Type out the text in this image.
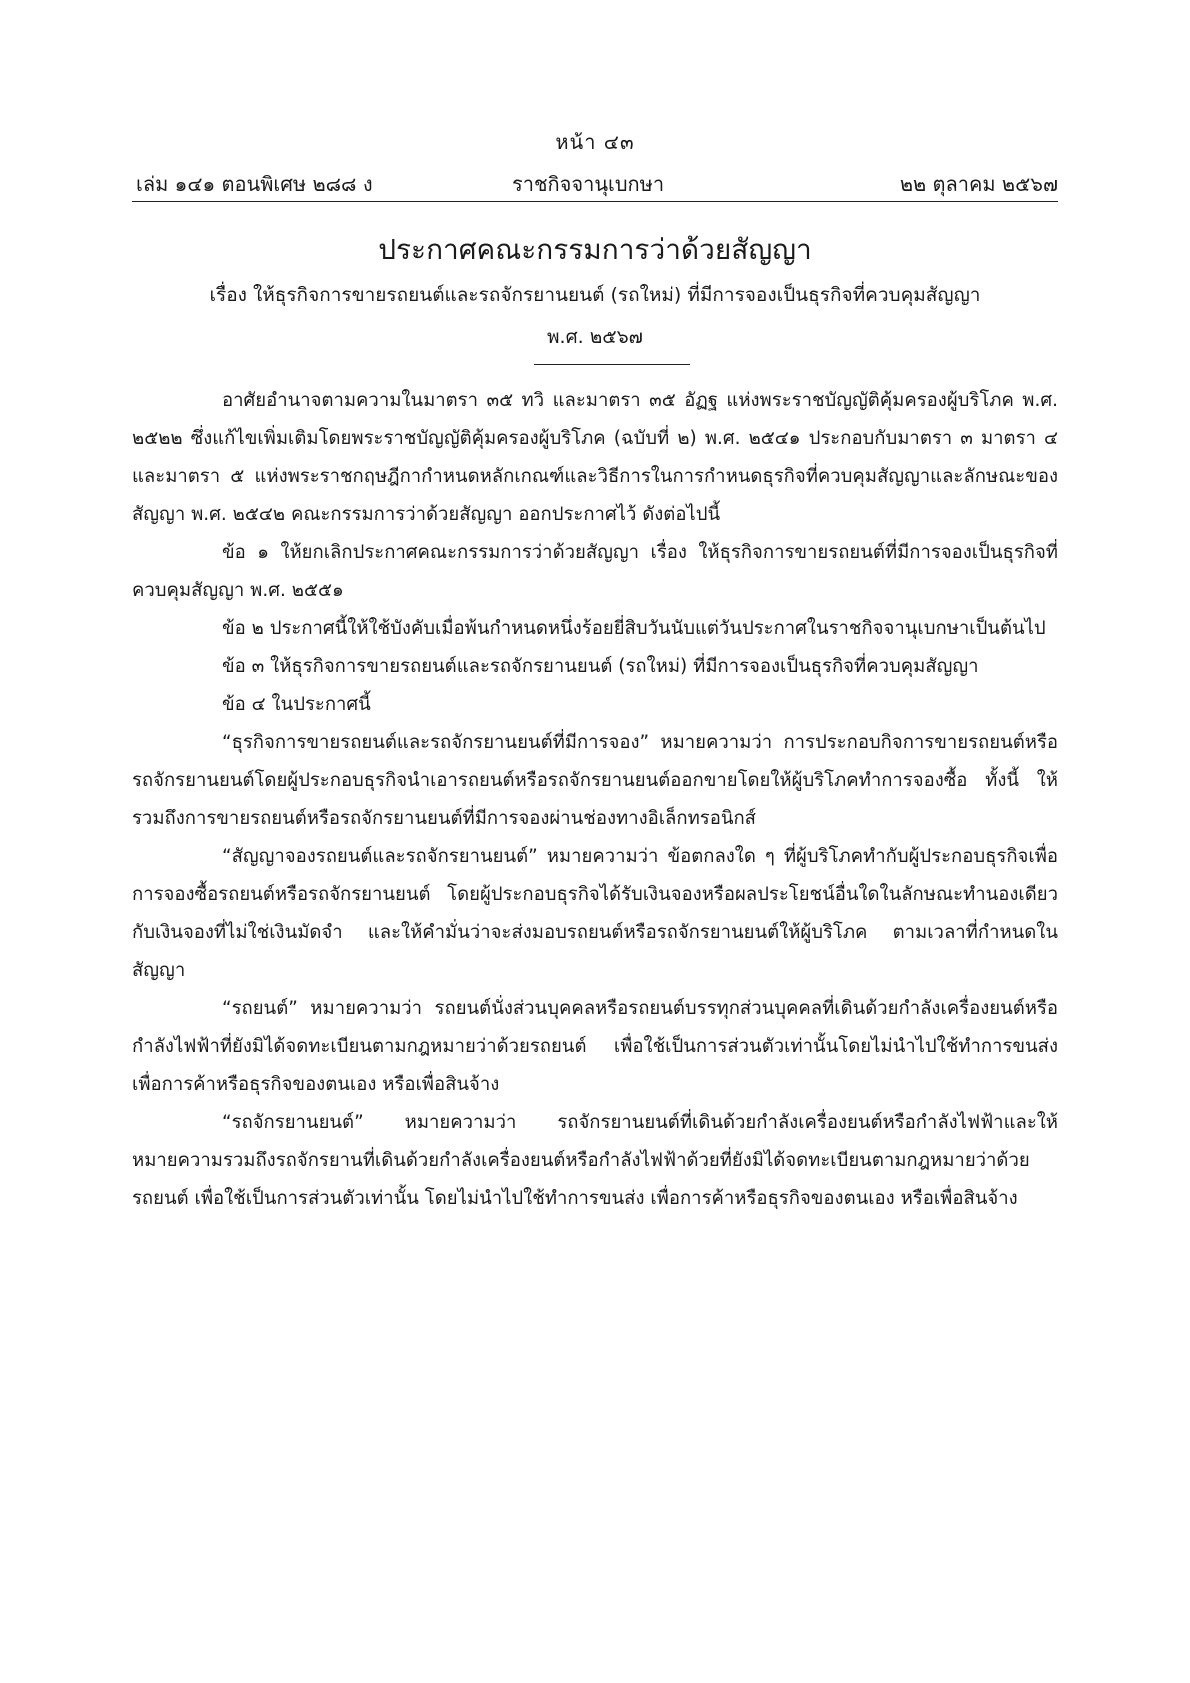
หน้า ๔๓
เล่ม ๑๔๑ ตอนพิเศษ ๒๘๘ ง	ราชกิจจานุเบกษา	๒๒ ตุลาคม ๒๕๖๗
ประกาศคณะกรรมการว่าด้วยสัญญา
เรื่อง ให้ธุรกิจการขายรถยนต์และรถจักรยานยนต์ (รถใหม่) ที่มีการจองเป็นธุรกิจที่ควบคุมสัญญา
พ.ศ. ๒๕๖๗

อาศัยอำนาจตามความในมาตรา ๓๕ ทวิ และมาตรา ๓๕ อัฏฐ แห่งพระราชบัญญัติคุ้มครองผู้บริโภค พ.ศ. ๒๕๒๒ ซึ่งแก้ไขเพิ่มเติมโดยพระราชบัญญัติคุ้มครองผู้บริโภค (ฉบับที่ ๒) พ.ศ. ๒๕๔๑ ประกอบกับมาตรา ๓ มาตรา ๔ และมาตรา ๕ แห่งพระราชกฤษฎีกากำหนดหลักเกณฑ์และวิธีการในการกำหนดธุรกิจที่ควบคุมสัญญาและลักษณะของสัญญา พ.ศ. ๒๕๔๒ คณะกรรมการว่าด้วยสัญญา ออกประกาศไว้ ดังต่อไปนี้

ข้อ ๑ ให้ยกเลิกประกาศคณะกรรมการว่าด้วยสัญญา เรื่อง ให้ธุรกิจการขายรถยนต์ที่มีการจองเป็นธุรกิจที่ควบคุมสัญญา พ.ศ. ๒๕๕๑

ข้อ ๒ ประกาศนี้ให้ใช้บังคับเมื่อพ้นกำหนดหนึ่งร้อยยี่สิบวันนับแต่วันประกาศในราชกิจจานุเบกษาเป็นต้นไป

ข้อ ๓ ให้ธุรกิจการขายรถยนต์และรถจักรยานยนต์ (รถใหม่) ที่มีการจองเป็นธุรกิจที่ควบคุมสัญญา

ข้อ ๔ ในประกาศนี้

“ธุรกิจการขายรถยนต์และรถจักรยานยนต์ที่มีการจอง” หมายความว่า การประกอบกิจการขายรถยนต์หรือรถจักรยานยนต์โดยผู้ประกอบธุรกิจนำเอารถยนต์หรือรถจักรยานยนต์ออกขายโดยให้ผู้บริโภคทำการจองซื้อ ทั้งนี้ ให้รวมถึงการขายรถยนต์หรือรถจักรยานยนต์ที่มีการจองผ่านช่องทางอิเล็กทรอนิกส์

“สัญญาจองรถยนต์และรถจักรยานยนต์” หมายความว่า ข้อตกลงใด ๆ ที่ผู้บริโภคทำกับผู้ประกอบธุรกิจเพื่อการจองซื้อรถยนต์หรือรถจักรยานยนต์ โดยผู้ประกอบธุรกิจได้รับเงินจองหรือผลประโยชน์อื่นใดในลักษณะทำนองเดียวกับเงินจองที่ไม่ใช่เงินมัดจำ และให้คำมั่นว่าจะส่งมอบรถยนต์หรือรถจักรยานยนต์ให้ผู้บริโภค ตามเวลาที่กำหนดในสัญญา

“รถยนต์” หมายความว่า รถยนต์นั่งส่วนบุคคลหรือรถยนต์บรรทุกส่วนบุคคลที่เดินด้วยกำลังเครื่องยนต์หรือกำลังไฟฟ้าที่ยังมิได้จดทะเบียนตามกฎหมายว่าด้วยรถยนต์ เพื่อใช้เป็นการส่วนตัวเท่านั้นโดยไม่นำไปใช้ทำการขนส่ง เพื่อการค้าหรือธุรกิจของตนเอง หรือเพื่อสินจ้าง

“รถจักรยานยนต์” หมายความว่า รถจักรยานยนต์ที่เดินด้วยกำลังเครื่องยนต์หรือกำลังไฟฟ้าและให้หมายความรวมถึงรถจักรยานที่เดินด้วยกำลังเครื่องยนต์หรือกำลังไฟฟ้าด้วยที่ยังมิได้จดทะเบียนตามกฎหมายว่าด้วยรถยนต์ เพื่อใช้เป็นการส่วนตัวเท่านั้น โดยไม่นำไปใช้ทำการขนส่ง เพื่อการค้าหรือธุรกิจของตนเอง หรือเพื่อสินจ้าง
